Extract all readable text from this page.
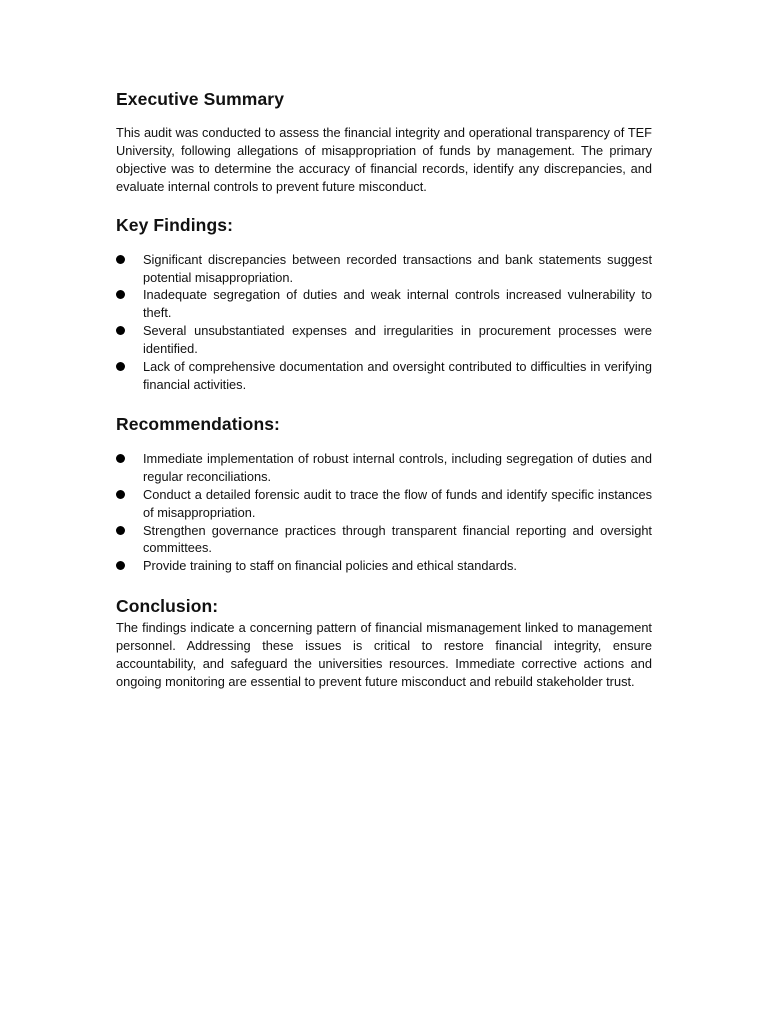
Executive Summary

This audit was conducted to assess the financial integrity and operational transparency of TEF University, following allegations of misappropriation of funds by management. The primary objective was to determine the accuracy of financial records, identify any discrepancies, and evaluate internal controls to prevent future misconduct.

Key Findings:
Significant discrepancies between recorded transactions and bank statements suggest potential misappropriation.
Inadequate segregation of duties and weak internal controls increased vulnerability to theft.
Several unsubstantiated expenses and irregularities in procurement processes were identified.
Lack of comprehensive documentation and oversight contributed to difficulties in verifying financial activities.
Recommendations:
Immediate implementation of robust internal controls, including segregation of duties and regular reconciliations.
Conduct a detailed forensic audit to trace the flow of funds and identify specific instances of misappropriation.
Strengthen governance practices through transparent financial reporting and oversight committees.
Provide training to staff on financial policies and ethical standards.
Conclusion:

The findings indicate a concerning pattern of financial mismanagement linked to management personnel. Addressing these issues is critical to restore financial integrity, ensure accountability, and safeguard the universities resources. Immediate corrective actions and ongoing monitoring are essential to prevent future misconduct and rebuild stakeholder trust.
